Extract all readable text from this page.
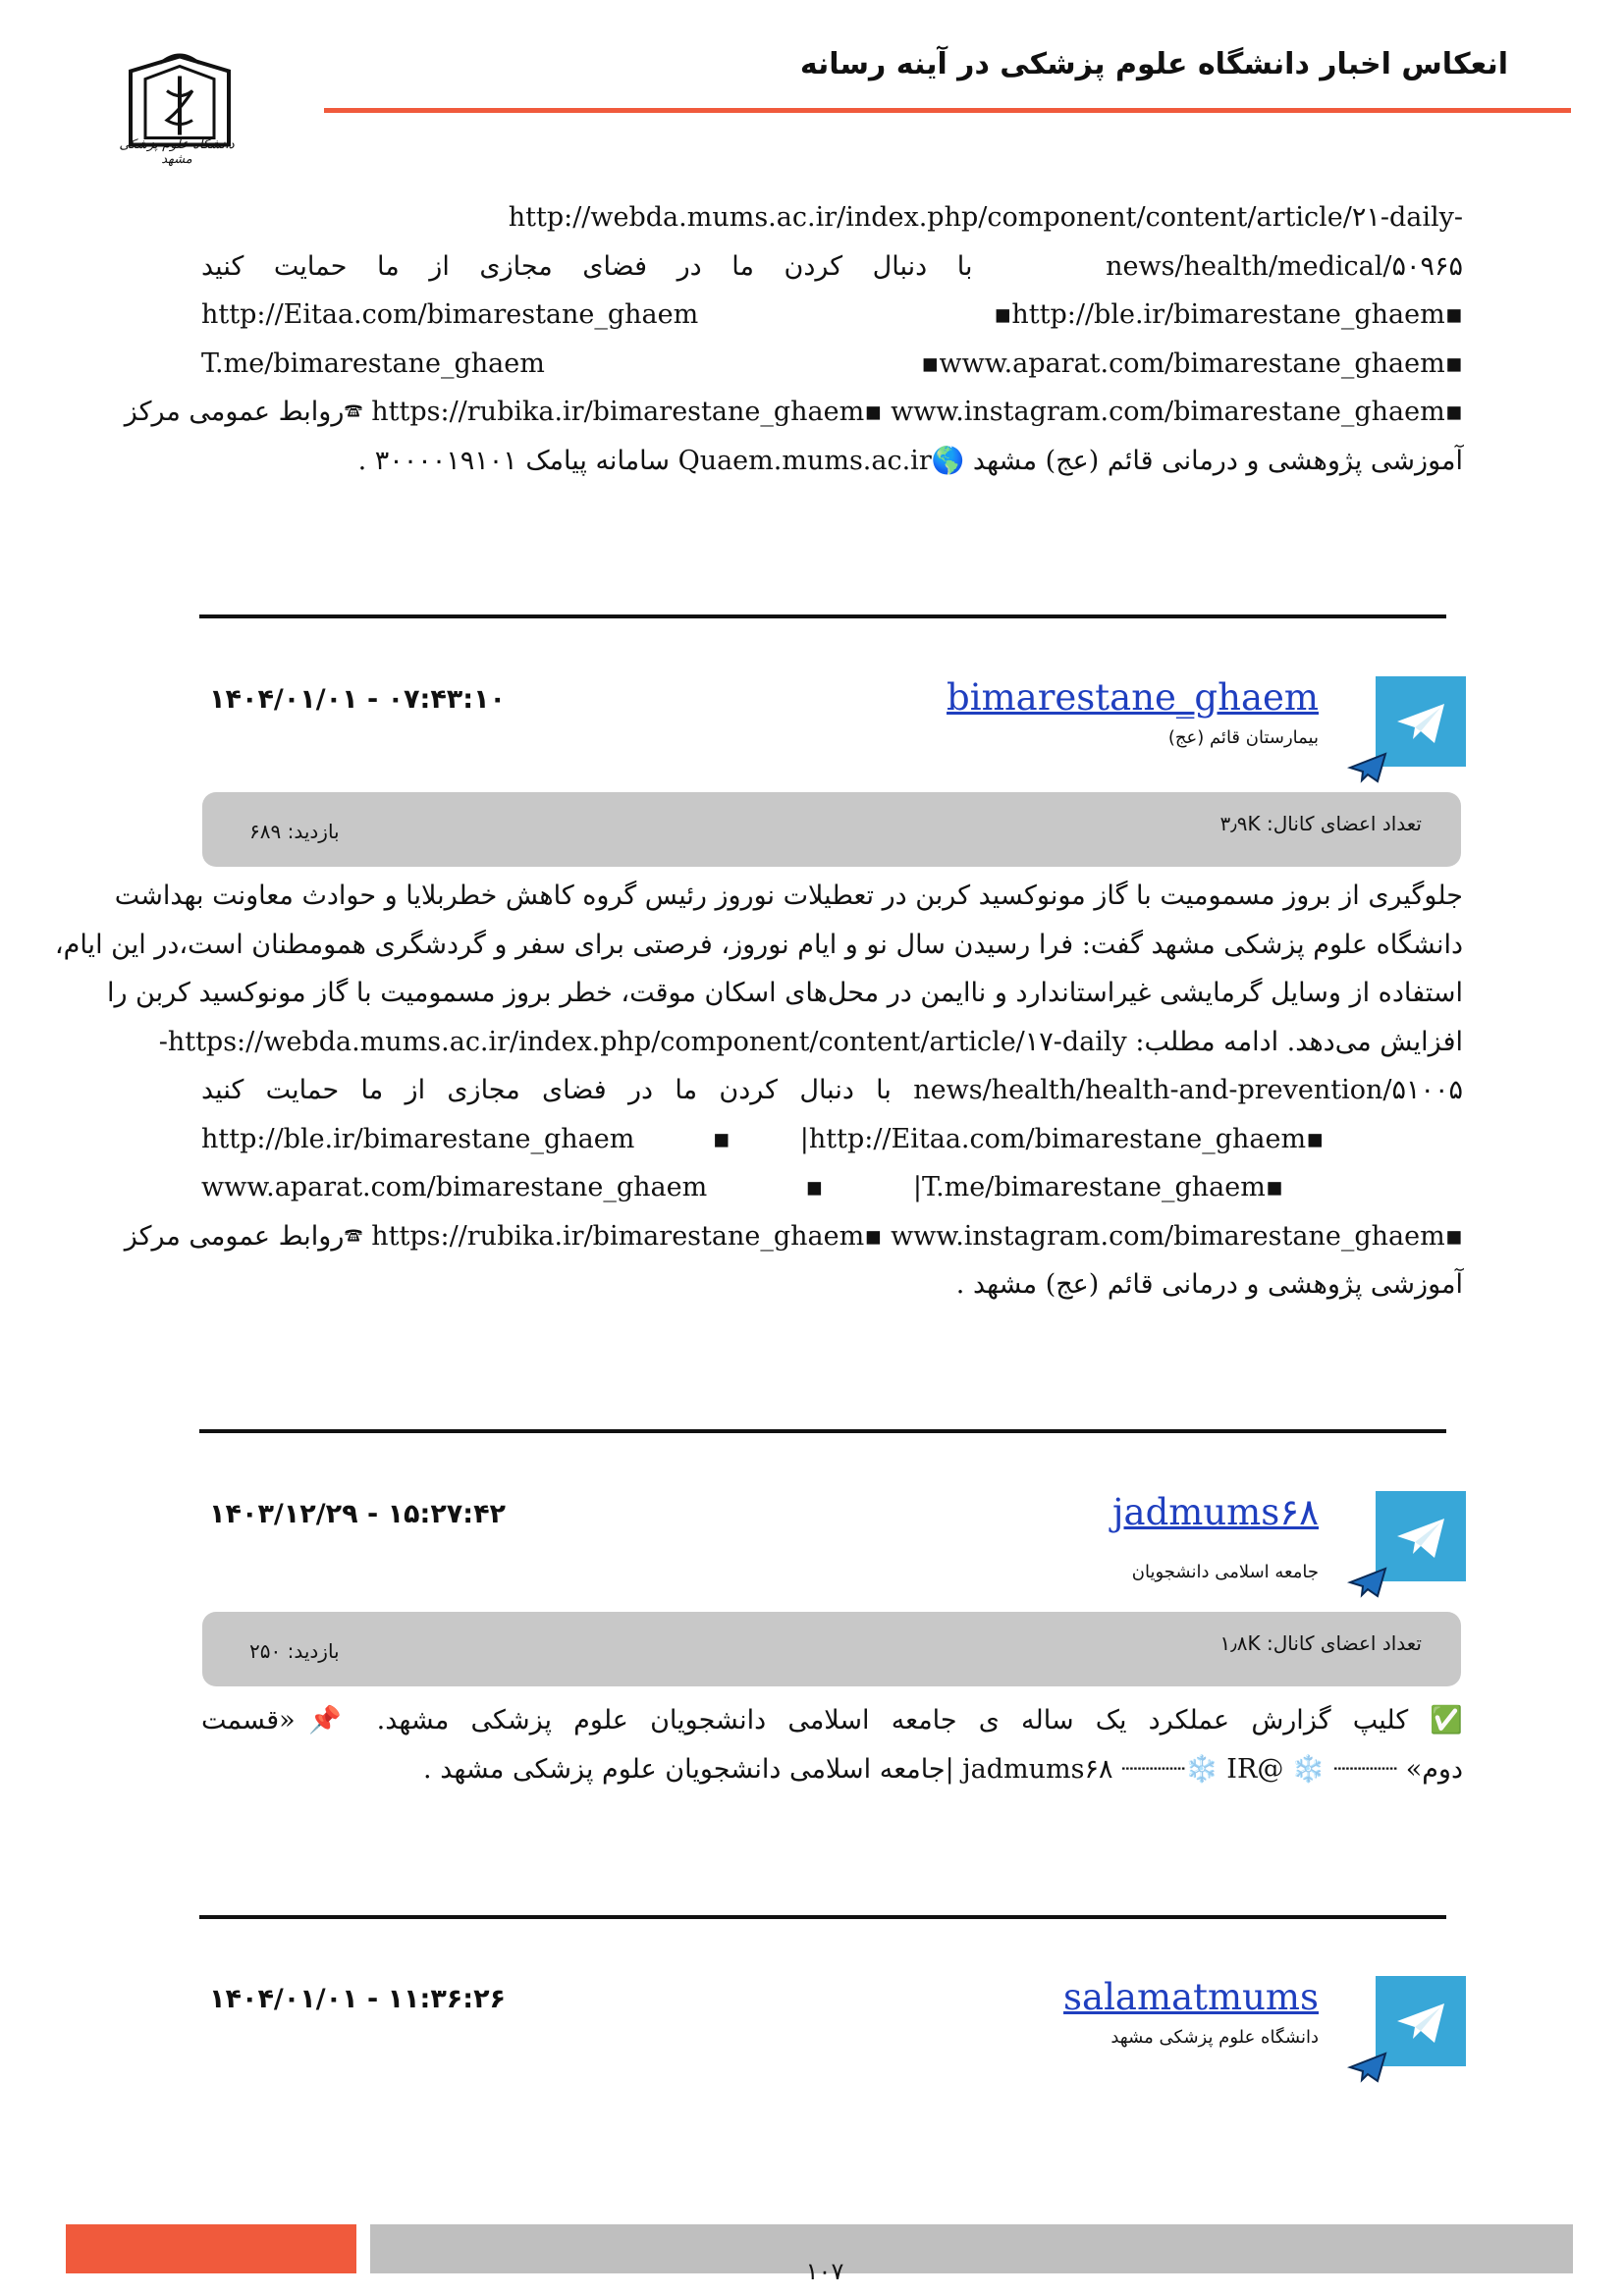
انعکاس اخبار دانشگاه علوم پزشکی در آینه رسانه
دانشگاه علوم پزشکی مشهد
http://webda.mums.ac.ir/index.php/component/content/article/۲۱-daily-
news/health/medical/۵۰۹۶۵
با دنبال کردن ما در فضای مجازی از ما حمایت کنید
▪http://ble.ir/bimarestane_ghaem▪
http://Eitaa.com/bimarestane_ghaem
▪www.aparat.com/bimarestane_ghaem▪
T.me/bimarestane_ghaem
▪https://rubika.ir/bimarestane_ghaem▪ www.instagram.com/bimarestane_ghaem 🕿روابط عمومی مرکز
آموزشی پژوهشی و درمانی قائم (عج) مشهد 🌎Quaem.mums.ac.ir سامانه پیامک ۳۰۰۰۰۱۹۱۰۱ .
bimarestane_ghaem
بیمارستان قائم (عج)
۱۴۰۴/۰۱/۰۱ - ۰۷:۴۳:۱۰
تعداد اعضای کانال: ۳٫۹K
بازدید: ۶۸۹
جلوگیری از بروز مسمومیت با گاز مونوکسید کربن در تعطیلات نوروز رئیس گروه کاهش خطربلایا و حوادث معاونت بهداشت
دانشگاه علوم پزشکی مشهد گفت: فرا رسیدن سال نو و ایام نوروز، فرصتی برای سفر و گردشگری همومطنان است،در این ایام،
استفاده از وسایل گرمایشی غیراستاندارد و ناایمن در محل‌های اسکان موقت، خطر بروز مسمومیت با گاز مونوکسید کربن را
افزایش می‌دهد. ادامه مطلب: https://webda.mums.ac.ir/index.php/component/content/article/۱۷-daily-
news/health/health-and-prevention/۵۱۰۰۵ با دنبال کردن ما در فضای مجازی از ما حمایت کنید
▪http://ble.ir/bimarestane_ghaem ▪|http://Eitaa.com/bimarestane_ghaem
▪www.aparat.com/bimarestane_ghaem ▪|T.me/bimarestane_ghaem
▪https://rubika.ir/bimarestane_ghaem▪ www.instagram.com/bimarestane_ghaem 🕿روابط عمومی مرکز
آموزشی پژوهشی و درمانی قائم (عج) مشهد .
jadmums۶۸
جامعه اسلامی دانشجویان
۱۴۰۳/۱۲/۲۹ - ۱۵:۲۷:۴۲
تعداد اعضای کانال: ۱٫۸K
بازدید: ۲۵۰
✅ کلیپ گزارش عملکرد یک ساله ی جامعه اسلامی دانشجویان علوم پزشکی مشهد. 📌«قسمت
دوم» ┈┈┈┈ ❄️ @jadmums۶۸ ┈┈┈┈❄️ IR |جامعه اسلامی دانشجویان علوم پزشکی مشهد .
salamatmums
دانشگاه علوم پزشکی مشهد
۱۴۰۴/۰۱/۰۱ - ۱۱:۳۶:۲۶
۱۰۷
